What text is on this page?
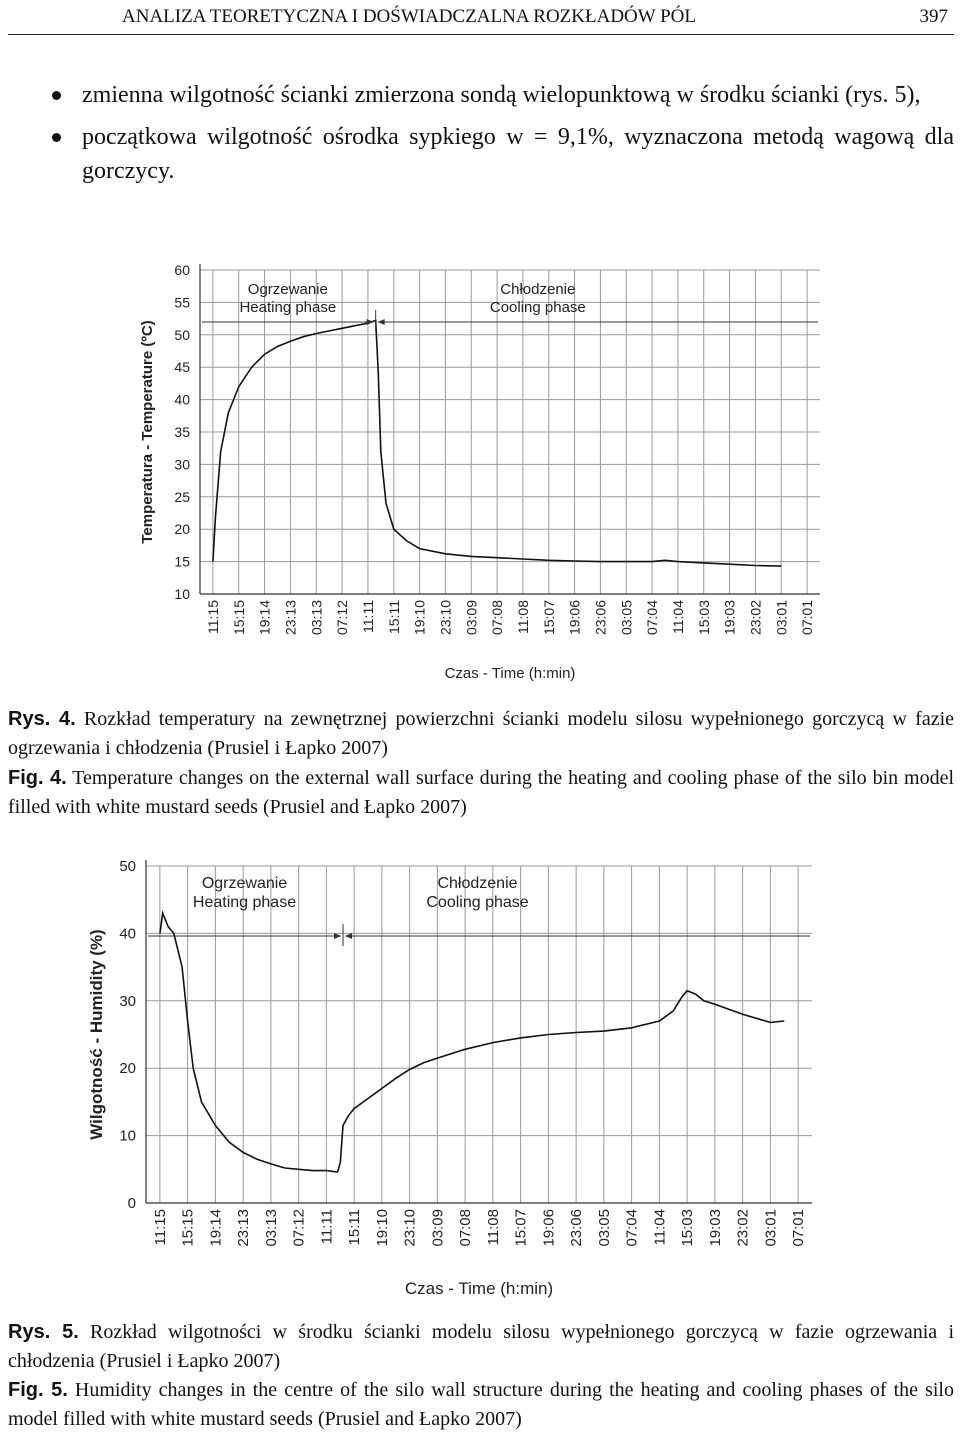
ANALIZA TEORETYCZNA I DOŚWIADCZALNA ROZKŁADÓW PÓL	397
zmienna wilgotność ścianki zmierzona sondą wielopunktową w środku ścianki (rys. 5),
początkowa wilgotność ośrodka sypkiego w = 9,1%, wyznaczona metodą wagową dla gorczycy.
10
15
20
25
30
35
40
45
50
55
60
11:15 15:15 19:14 23:13 03:13 07:12 11:11 15:11 19:10 23:10 03:09 07:08 11:08 15:07 19:06 23:06 03:05 07:04 11:04 15:03 19:03 23:02 03:01 07:01
Ogrzewanie
Heating phase
Chłodzenie
Cooling phase
Temperatura - Temperature (ºC)
Czas - Time (h:min)
Rys. 4. Rozkład temperatury na zewnętrznej powierzchni ścianki modelu silosu wypełnionego gorczycą w fazie ogrzewania i chłodzenia (Prusiel i Łapko 2007)
Fig. 4. Temperature changes on the external wall surface during the heating and cooling phase of the silo bin model filled with white mustard seeds (Prusiel and Łapko 2007)
0
10
20
30
40
50
11:15 15:15 19:14 23:13 03:13 07:12 11:11 15:11 19:10 23:10 03:09 07:08 11:08 15:07 19:06 23:06 03:05 07:04 11:04 15:03 19:03 23:02 03:01 07:01
Ogrzewanie
Heating phase
Chłodzenie
Cooling phase
Wilgotność - Humidity (%)
Czas - Time (h:min)
Rys. 5. Rozkład wilgotności w środku ścianki modelu silosu wypełnionego gorczycą w fazie ogrzewania i chłodzenia (Prusiel i Łapko 2007)
Fig. 5. Humidity changes in the centre of the silo wall structure during the heating and cooling phases of the silo model filled with white mustard seeds (Prusiel and Łapko 2007)
